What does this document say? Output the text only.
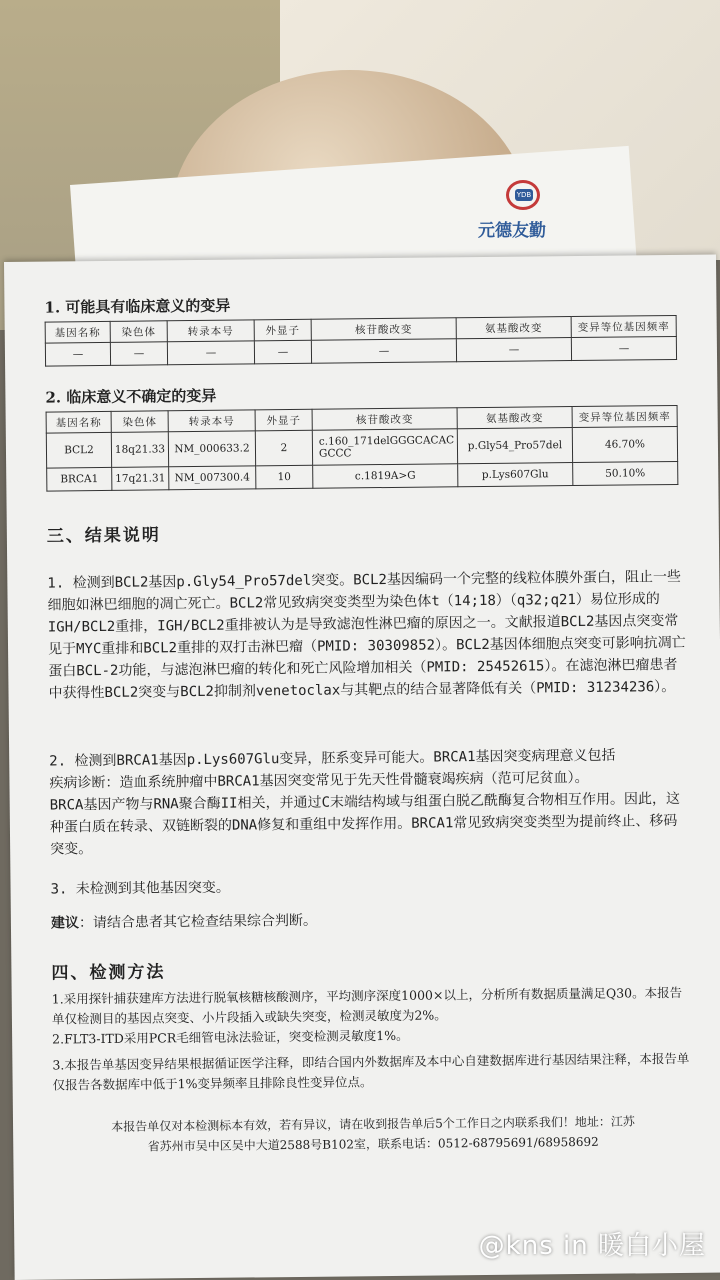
YDB
元德友勤
1. 可能具有临床意义的变异
基因名称	染色体	转录本号	外显子	核苷酸改变	氨基酸改变	变异等位基因频率
—	—	—	—	—	—	—
2. 临床意义不确定的变异
基因名称	染色体	转录本号	外显子	核苷酸改变	氨基酸改变	变异等位基因频率
BCL2	18q21.33	NM_000633.2	2	c.160_171delGGGCACAC GCCC	p.Gly54_Pro57del	46.70%
BRCA1	17q21.31	NM_007300.4	10	c.1819A>G	p.Lys607Glu	50.10%
三、结果说明

1. 检测到BCL2基因p.Gly54_Pro57del突变。BCL2基因编码一个完整的线粒体膜外蛋白，阻止一些细胞如淋巴细胞的凋亡死亡。BCL2常见致病突变类型为染色体t（14;18）（q32;q21）易位形成的IGH/BCL2重排，IGH/BCL2重排被认为是导致滤泡性淋巴瘤的原因之一。文献报道BCL2基因点突变常见于MYC重排和BCL2重排的双打击淋巴瘤（PMID: 30309852）。BCL2基因体细胞点突变可影响抗凋亡蛋白BCL-2功能，与滤泡淋巴瘤的转化和死亡风险增加相关（PMID: 25452615）。在滤泡淋巴瘤患者中获得性BCL2突变与BCL2抑制剂venetoclax与其靶点的结合显著降低有关（PMID: 31234236）。

2. 检测到BRCA1基因p.Lys607Glu变异，胚系变异可能大。BRCA1基因突变病理意义包括

疾病诊断：造血系统肿瘤中BRCA1基因突变常见于先天性骨髓衰竭疾病（范可尼贫血）。

BRCA基因产物与RNA聚合酶II相关，并通过C末端结构域与组蛋白脱乙酰酶复合物相互作用。因此，这种蛋白质在转录、双链断裂的DNA修复和重组中发挥作用。BRCA1常见致病突变类型为提前终止、移码突变。

3. 未检测到其他基因突变。

建议：请结合患者其它检查结果综合判断。

四、检测方法

1.采用探针捕获建库方法进行脱氧核糖核酸测序，平均测序深度1000×以上，分析所有数据质量满足Q30。本报告单仅检测目的基因点突变、小片段插入或缺失突变，检测灵敏度为2%。

2.FLT3-ITD采用PCR毛细管电泳法验证，突变检测灵敏度1%。

3.本报告单基因变异结果根据循证医学注释，即结合国内外数据库及本中心自建数据库进行基因结果注释，本报告单仅报告各数据库中低于1%变异频率且排除良性变异位点。

本报告单仅对本检测标本有效，若有异议，请在收到报告单后5个工作日之内联系我们！地址：江苏

省苏州市吴中区吴中大道2588号B102室，联系电话：0512-68795691/68958692

@kns in 暖白小屋
